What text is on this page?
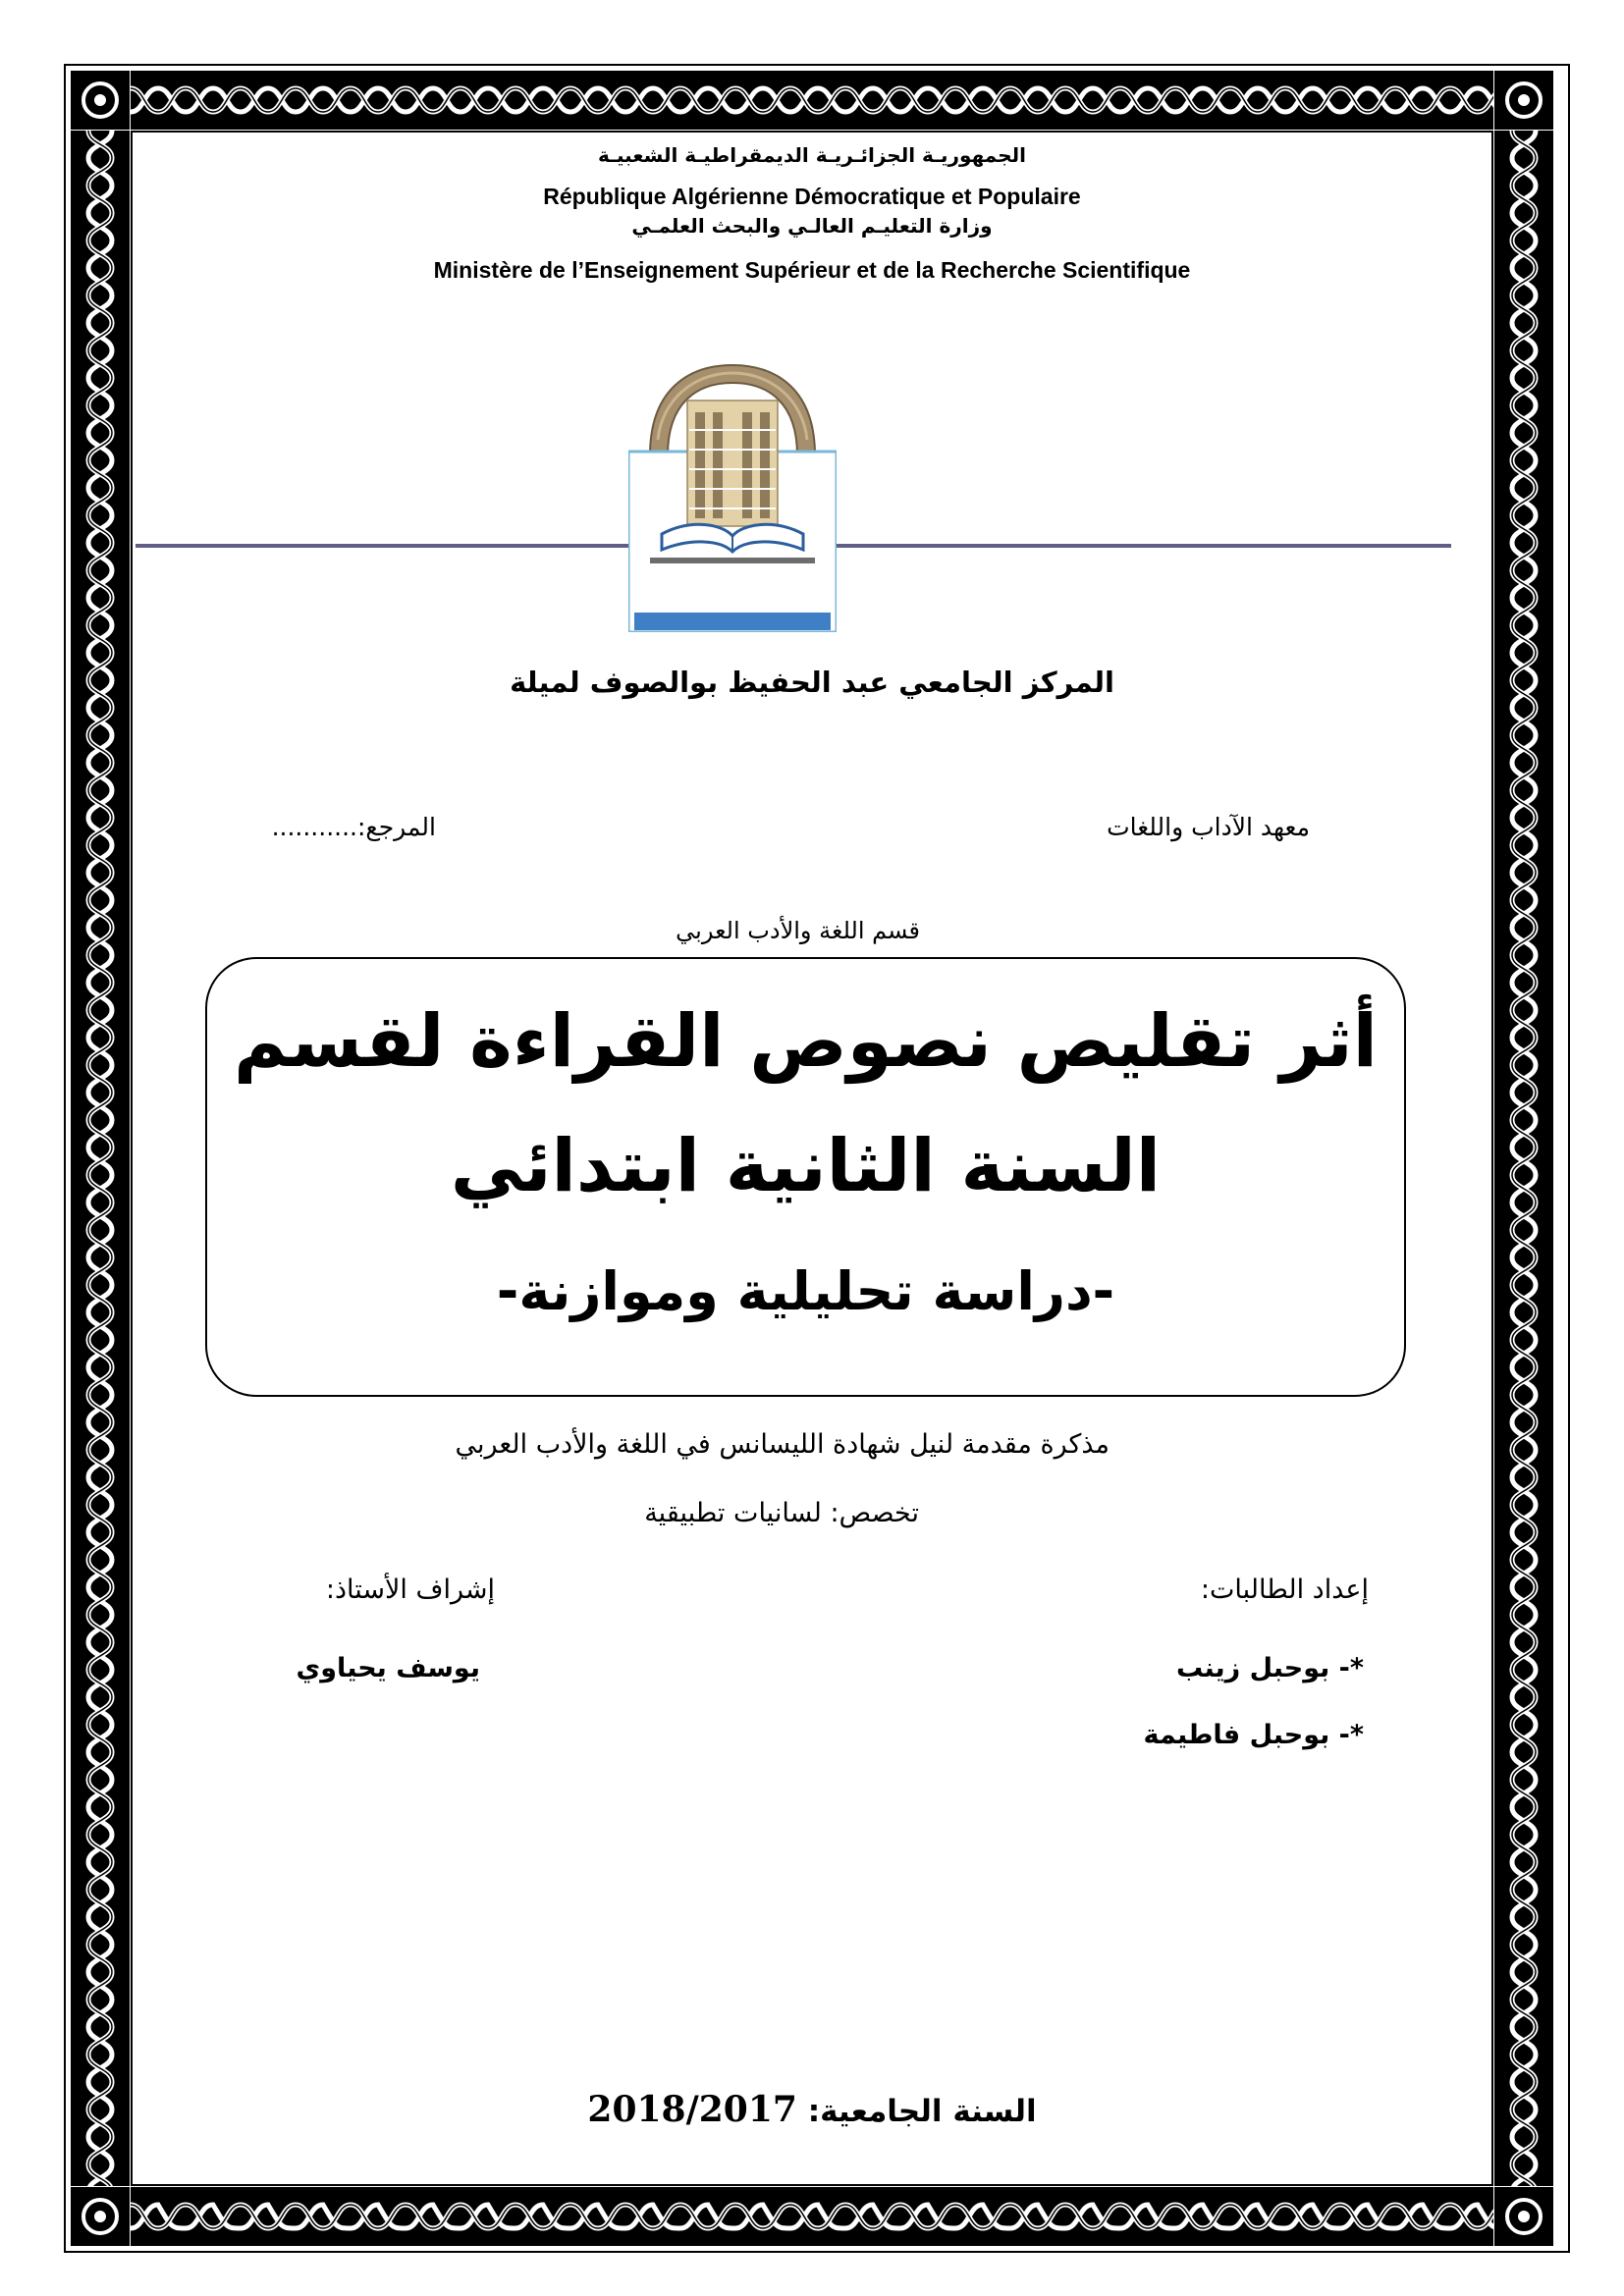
الجمهوريـة الجزائـريـة الديمقراطيـة الشعبيـة
République Algérienne Démocratique et Populaire
وزارة التعليـم العالـي والبحث العلمـي
Ministère de l’Enseignement Supérieur et de la Recherche Scientifique
المركز الجامعي عبد الحفيظ بوالصوف لميلة
معهد الآداب واللغات
المرجع:...........
قسم اللغة والأدب العربي
أثر تقليص نصوص القراءة لقسم
السنة الثانية ابتدائي
-دراسة تحليلية وموازنة-
مذكرة مقدمة لنيل شهادة الليسانس في اللغة والأدب العربي
تخصص: لسانيات تطبيقية
إعداد الطالبات:
إشراف الأستاذ:
*- بوحبل زينب
*- بوحبل فاطيمة
يوسف يحياوي
السنة الجامعية: 2018/2017
